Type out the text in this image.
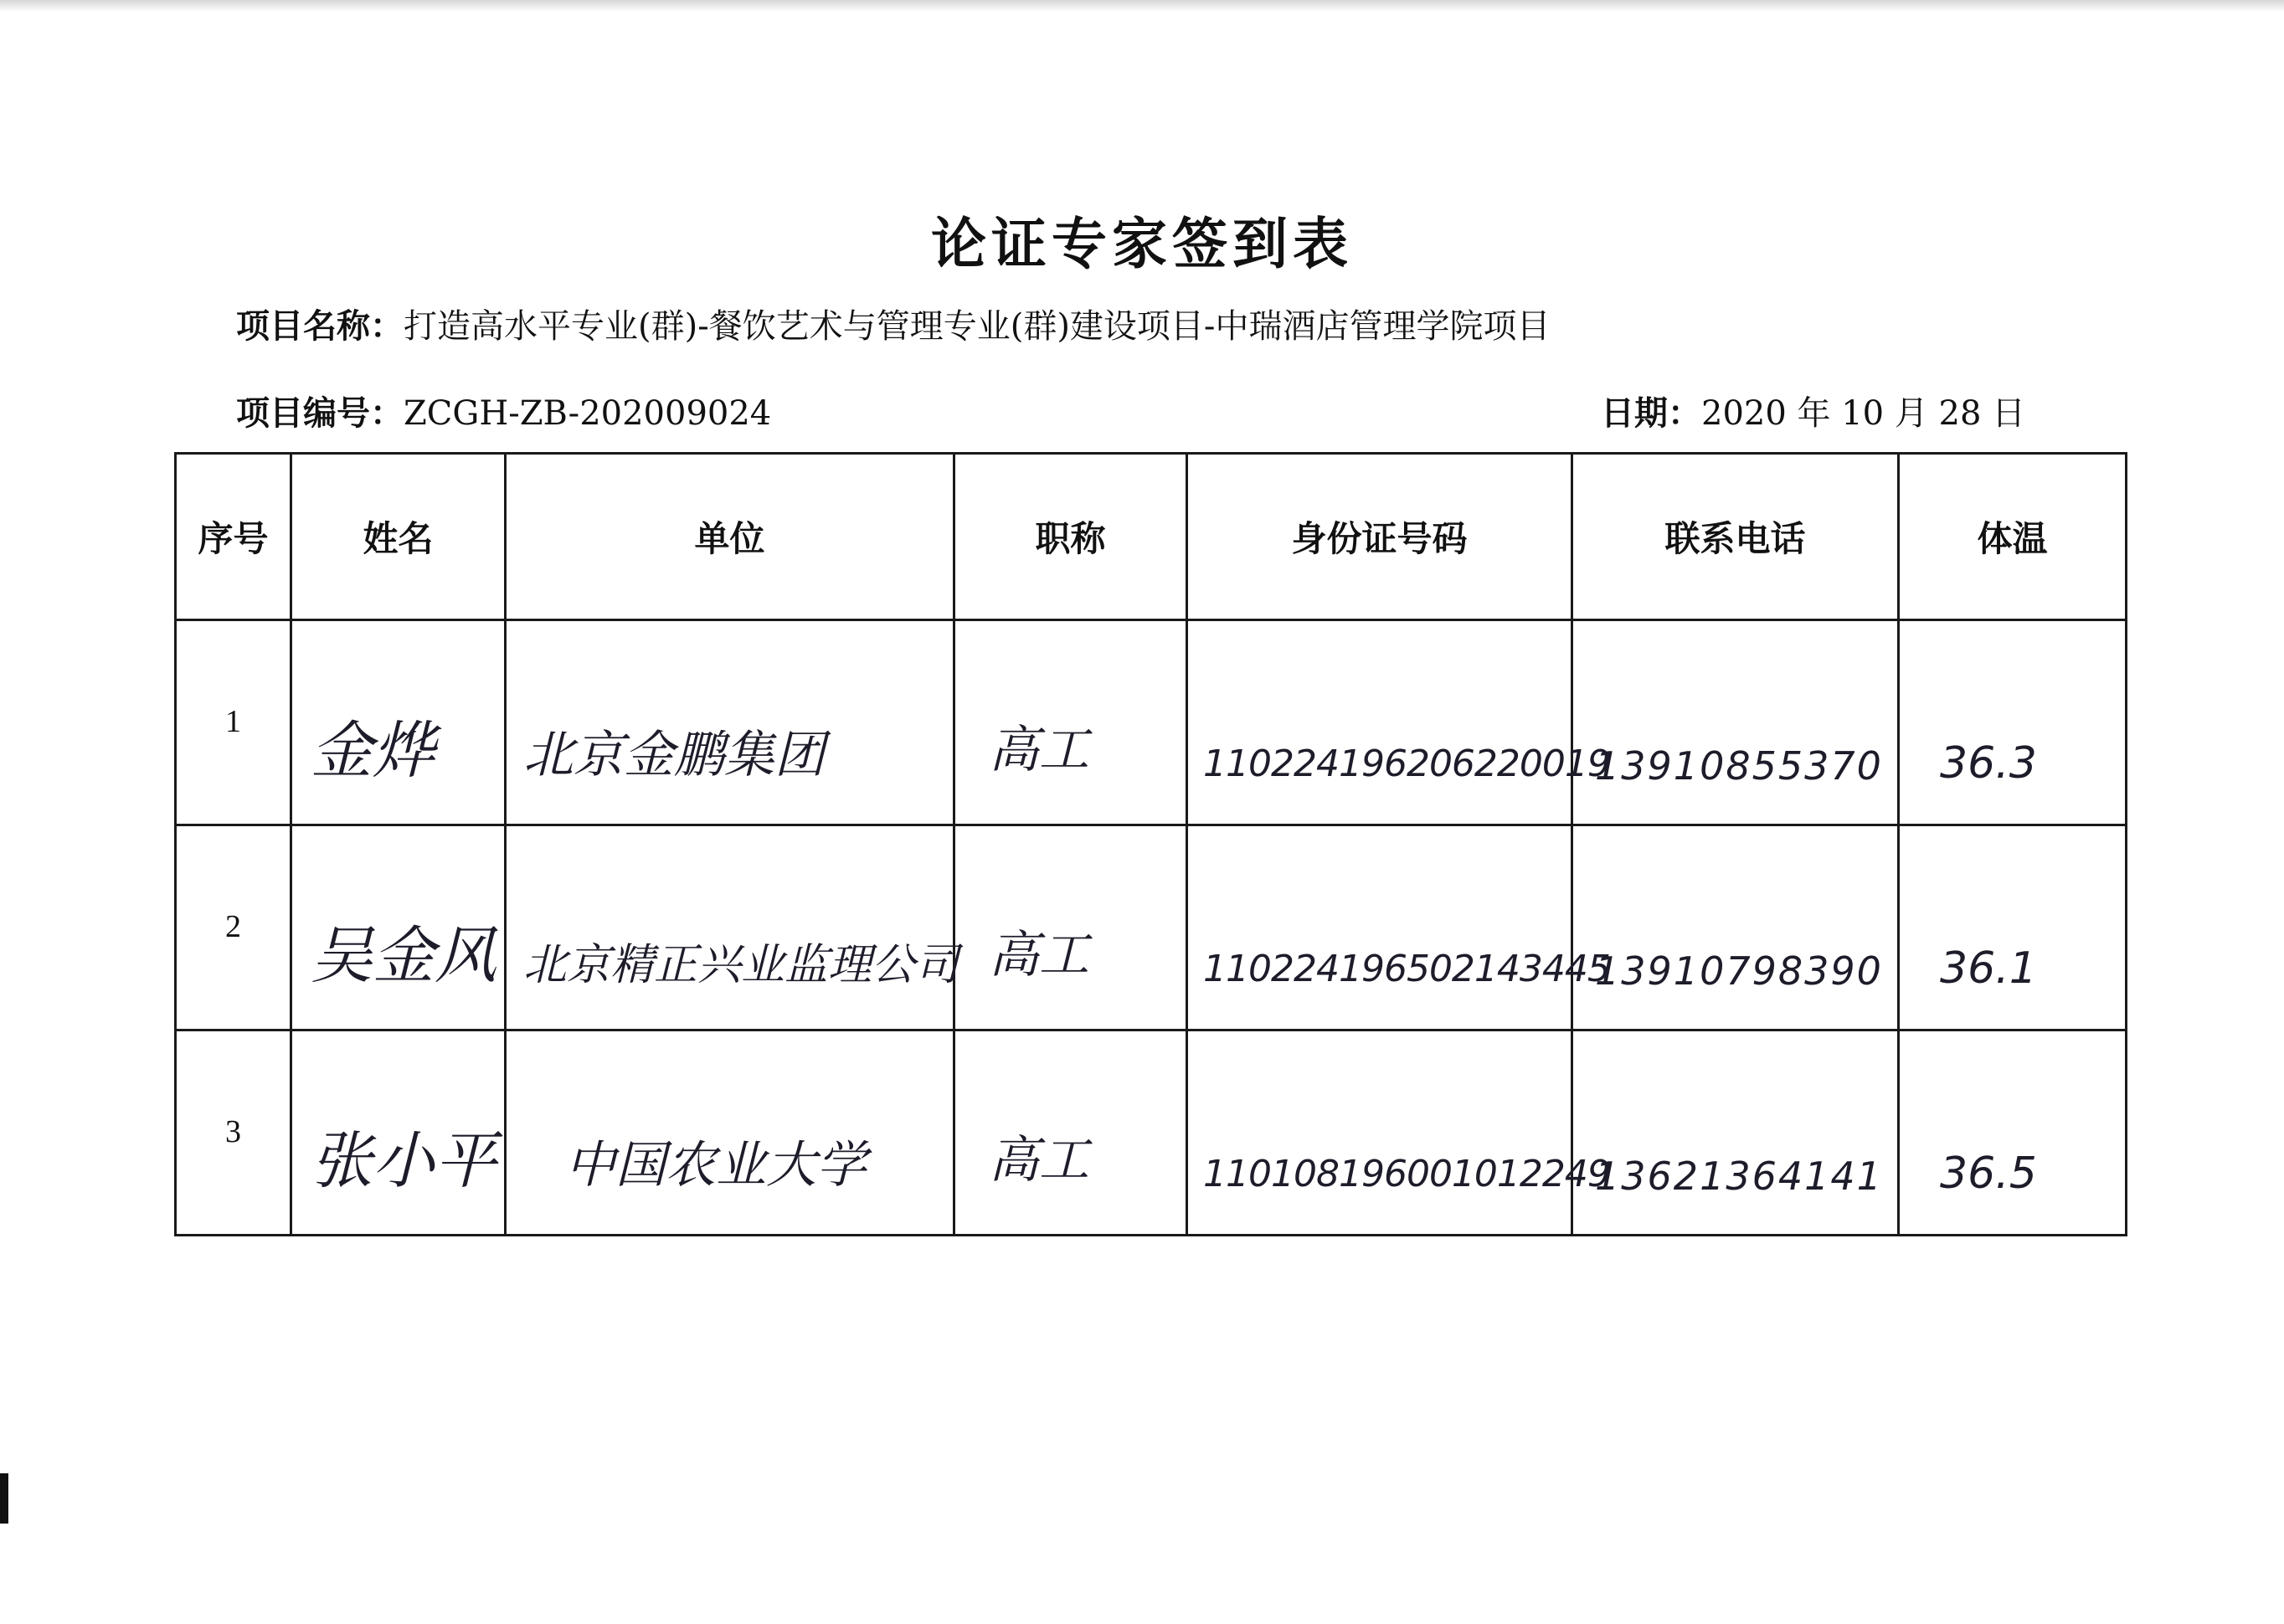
论证专家签到表
项目名称：打造高水平专业(群)-餐饮艺术与管理专业(群)建设项目-中瑞酒店管理学院项目
项目编号：ZCGH-ZB-202009024	日期：2020 年 10 月 28 日
序号	姓名	单位	职称	身份证号码	联系电话	体温

1	金烨	北京金鹏集团	高工	110224196206220019	13910855370	36.3

2	吴金风	北京精正兴业监理公司	高工	110224196502143445	13910798390	36.1

3	张小平	中国农业大学	高工	110108196001012249	13621364141	36.5
